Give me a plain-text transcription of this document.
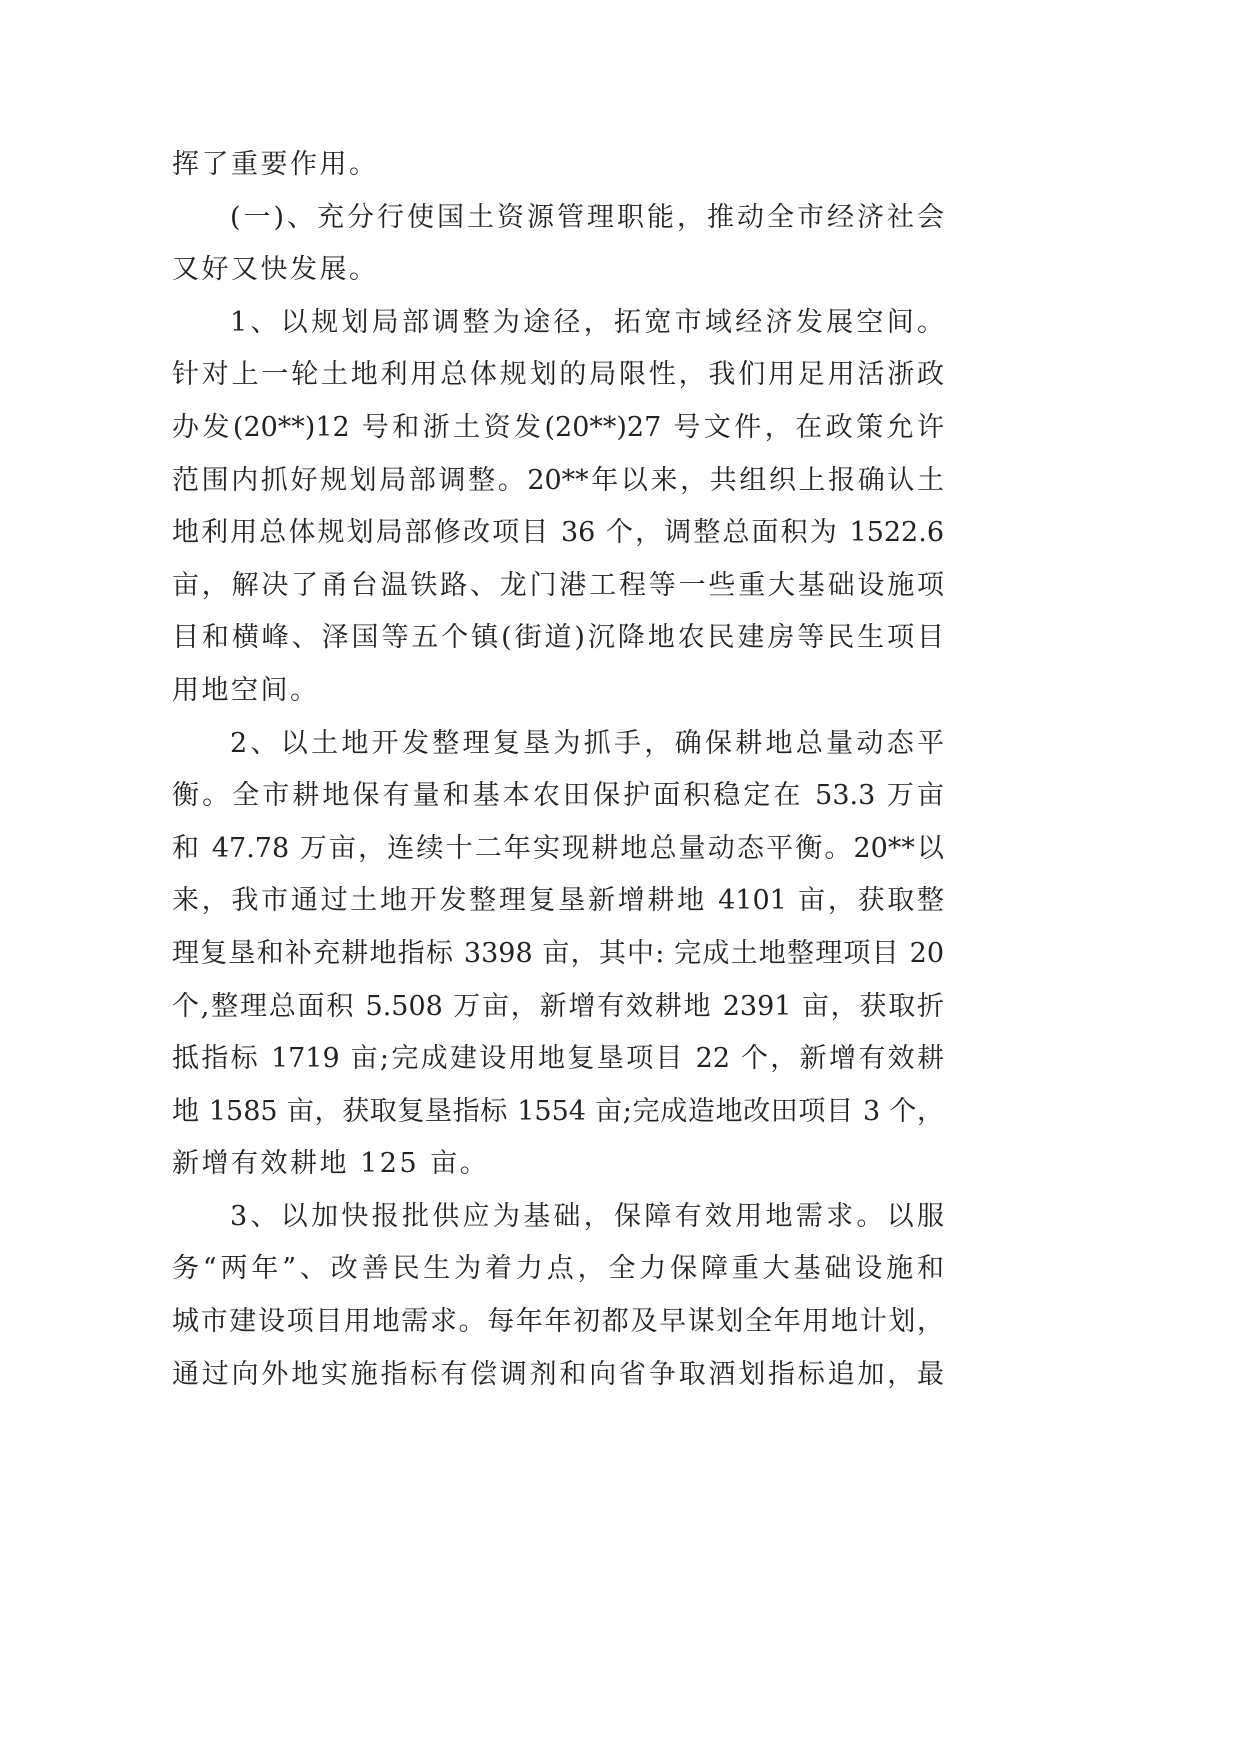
挥了重要作用。
(一)、充分行使国土资源管理职能，推动全市经济社会
又好又快发展。
1、以规划局部调整为途径，拓宽市域经济发展空间。
针对上一轮土地利用总体规划的局限性，我们用足用活浙政
办发(20**)12 号和浙土资发(20**)27 号文件，在政策允许
范围内抓好规划局部调整。20**年以来，共组织上报确认土
地利用总体规划局部修改项目 36 个，调整总面积为 1522.6
亩，解决了甬台温铁路、龙门港工程等一些重大基础设施项
目和横峰、泽国等五个镇(街道)沉降地农民建房等民生项目
用地空间。
2、以土地开发整理复垦为抓手，确保耕地总量动态平
衡。全市耕地保有量和基本农田保护面积稳定在 53.3 万亩
和 47.78 万亩，连续十二年实现耕地总量动态平衡。20**以
来，我市通过土地开发整理复垦新增耕地 4101 亩，获取整
理复垦和补充耕地指标 3398 亩，其中: 完成土地整理项目 20
个,整理总面积 5.508 万亩，新增有效耕地 2391 亩，获取折
抵指标 1719 亩;完成建设用地复垦项目 22 个，新增有效耕
地 1585 亩，获取复垦指标 1554 亩;完成造地改田项目 3 个，
新增有效耕地 125 亩。
3、以加快报批供应为基础，保障有效用地需求。以服
务“两年”、改善民生为着力点，全力保障重大基础设施和
城市建设项目用地需求。每年年初都及早谋划全年用地计划，
通过向外地实施指标有偿调剂和向省争取酒划指标追加，最
